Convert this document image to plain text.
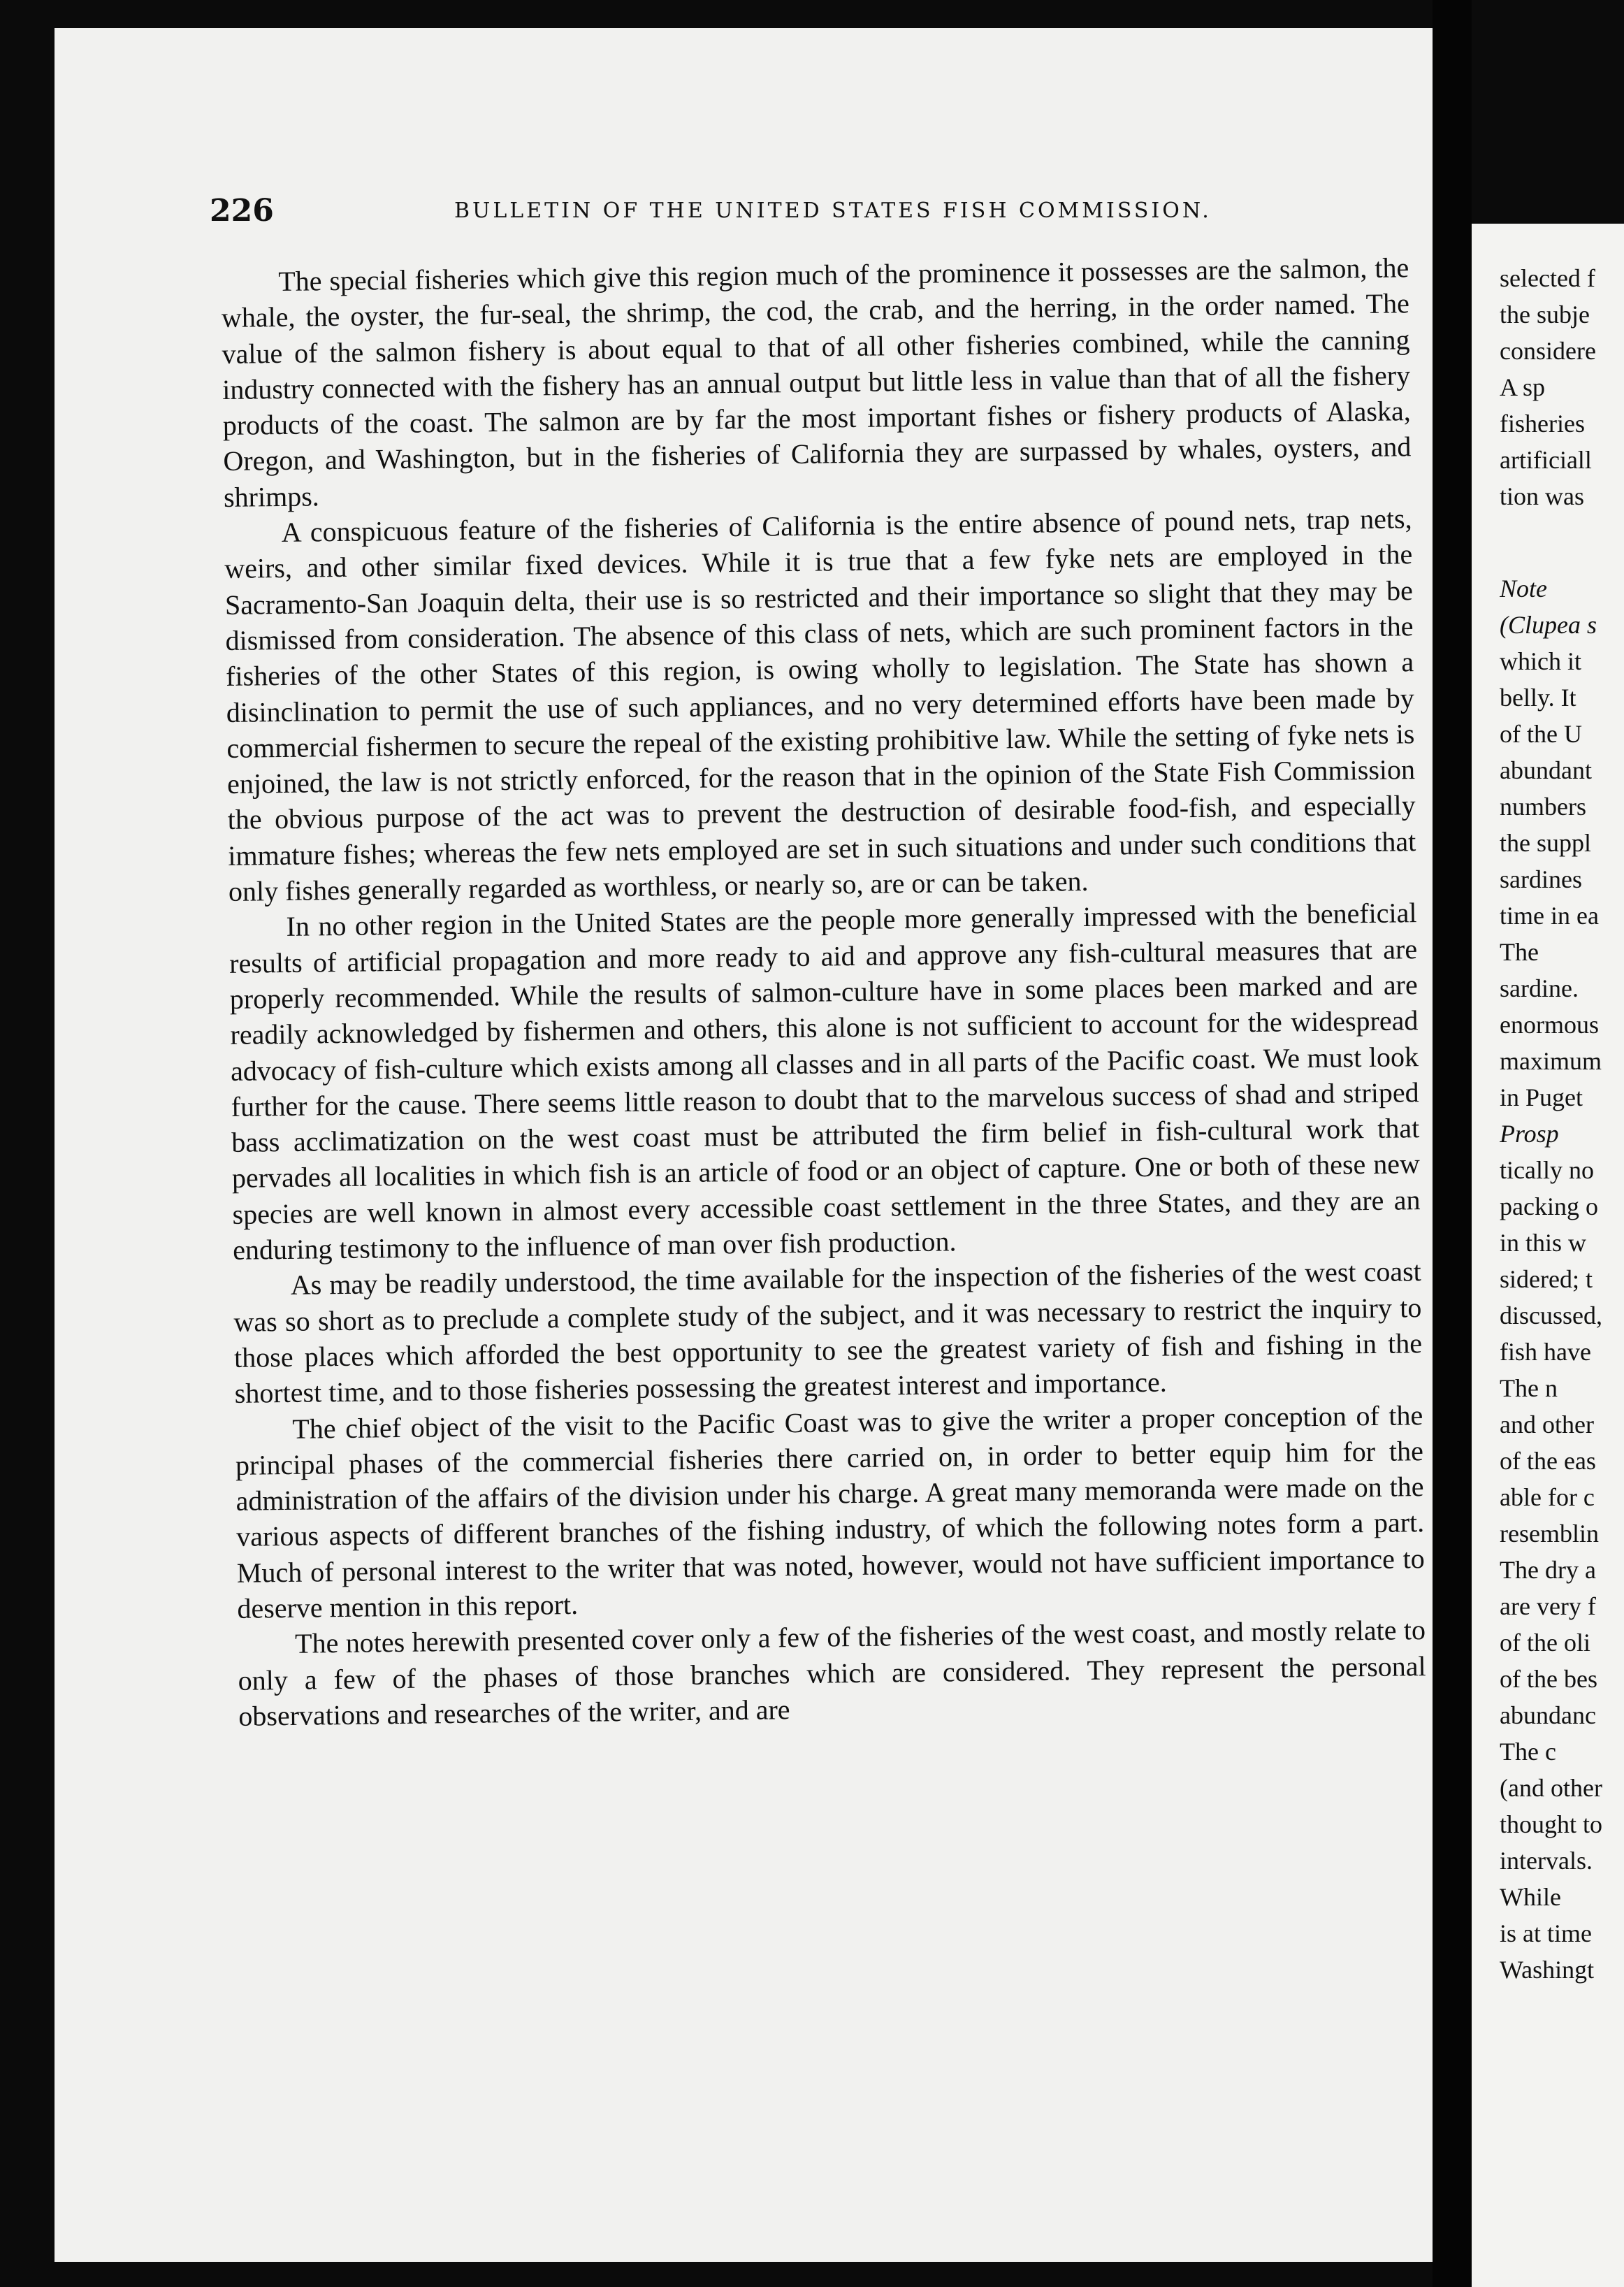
selected f
the subje
considere
A sp
fisheries
artificiall
tion was
Note
(Clupea s
which it
belly. It
of the U
abundant
numbers
the suppl
sardines
time in ea
The
sardine.
enormous
maximum
in Puget
Prosp
tically no
packing o
in this w
sidered; t
discussed,
fish have
The n
and other
of the eas
able for c
resemblin
The dry a
are very f
of the oli
of the bes
abundanc
The c
(and other
thought to
intervals.
While
is at time
Washingt
226	BULLETIN OF THE UNITED STATES FISH COMMISSION.

The special fisheries which give this region much of the prominence it possesses are the salmon, the whale, the oyster, the fur-seal, the shrimp, the cod, the crab, and the herring, in the order named. The value of the salmon fishery is about equal to that of all other fisheries combined, while the canning industry connected with the fishery has an annual output but little less in value than that of all the fishery products of the coast. The salmon are by far the most important fishes or fishery products of Alaska, Oregon, and Washington, but in the fisheries of California they are surpassed by whales, oysters, and shrimps.

A conspicuous feature of the fisheries of California is the entire absence of pound nets, trap nets, weirs, and other similar fixed devices. While it is true that a few fyke nets are employed in the Sacramento-San Joaquin delta, their use is so restricted and their importance so slight that they may be dismissed from consideration. The absence of this class of nets, which are such prominent factors in the fisheries of the other States of this region, is owing wholly to legislation. The State has shown a disinclination to permit the use of such appliances, and no very determined efforts have been made by commercial fishermen to secure the repeal of the existing prohibitive law. While the setting of fyke nets is enjoined, the law is not strictly enforced, for the reason that in the opinion of the State Fish Commission the obvious purpose of the act was to prevent the destruction of desirable food-fish, and especially immature fishes; whereas the few nets employed are set in such situations and under such conditions that only fishes generally regarded as worthless, or nearly so, are or can be taken.

In no other region in the United States are the people more generally impressed with the beneficial results of artificial propagation and more ready to aid and approve any fish-cultural measures that are properly recommended. While the results of salmon-culture have in some places been marked and are readily acknowledged by fishermen and others, this alone is not sufficient to account for the widespread advocacy of fish-culture which exists among all classes and in all parts of the Pacific coast. We must look further for the cause. There seems little reason to doubt that to the marvelous success of shad and striped bass acclimatization on the west coast must be attributed the firm belief in fish-cultural work that pervades all localities in which fish is an article of food or an object of capture. One or both of these new species are well known in almost every accessible coast settlement in the three States, and they are an enduring testimony to the influence of man over fish production.

As may be readily understood, the time available for the inspection of the fisheries of the west coast was so short as to preclude a complete study of the subject, and it was necessary to restrict the inquiry to those places which afforded the best opportunity to see the greatest variety of fish and fishing in the shortest time, and to those fisheries possessing the greatest interest and importance.

The chief object of the visit to the Pacific Coast was to give the writer a proper conception of the principal phases of the commercial fisheries there carried on, in order to better equip him for the administration of the affairs of the division under his charge. A great many memoranda were made on the various aspects of different branches of the fishing industry, of which the following notes form a part. Much of personal interest to the writer that was noted, however, would not have sufficient importance to deserve mention in this report.

The notes herewith presented cover only a few of the fisheries of the west coast, and mostly relate to only a few of the phases of those branches which are considered. They represent the personal observations and researches of the writer, and are
